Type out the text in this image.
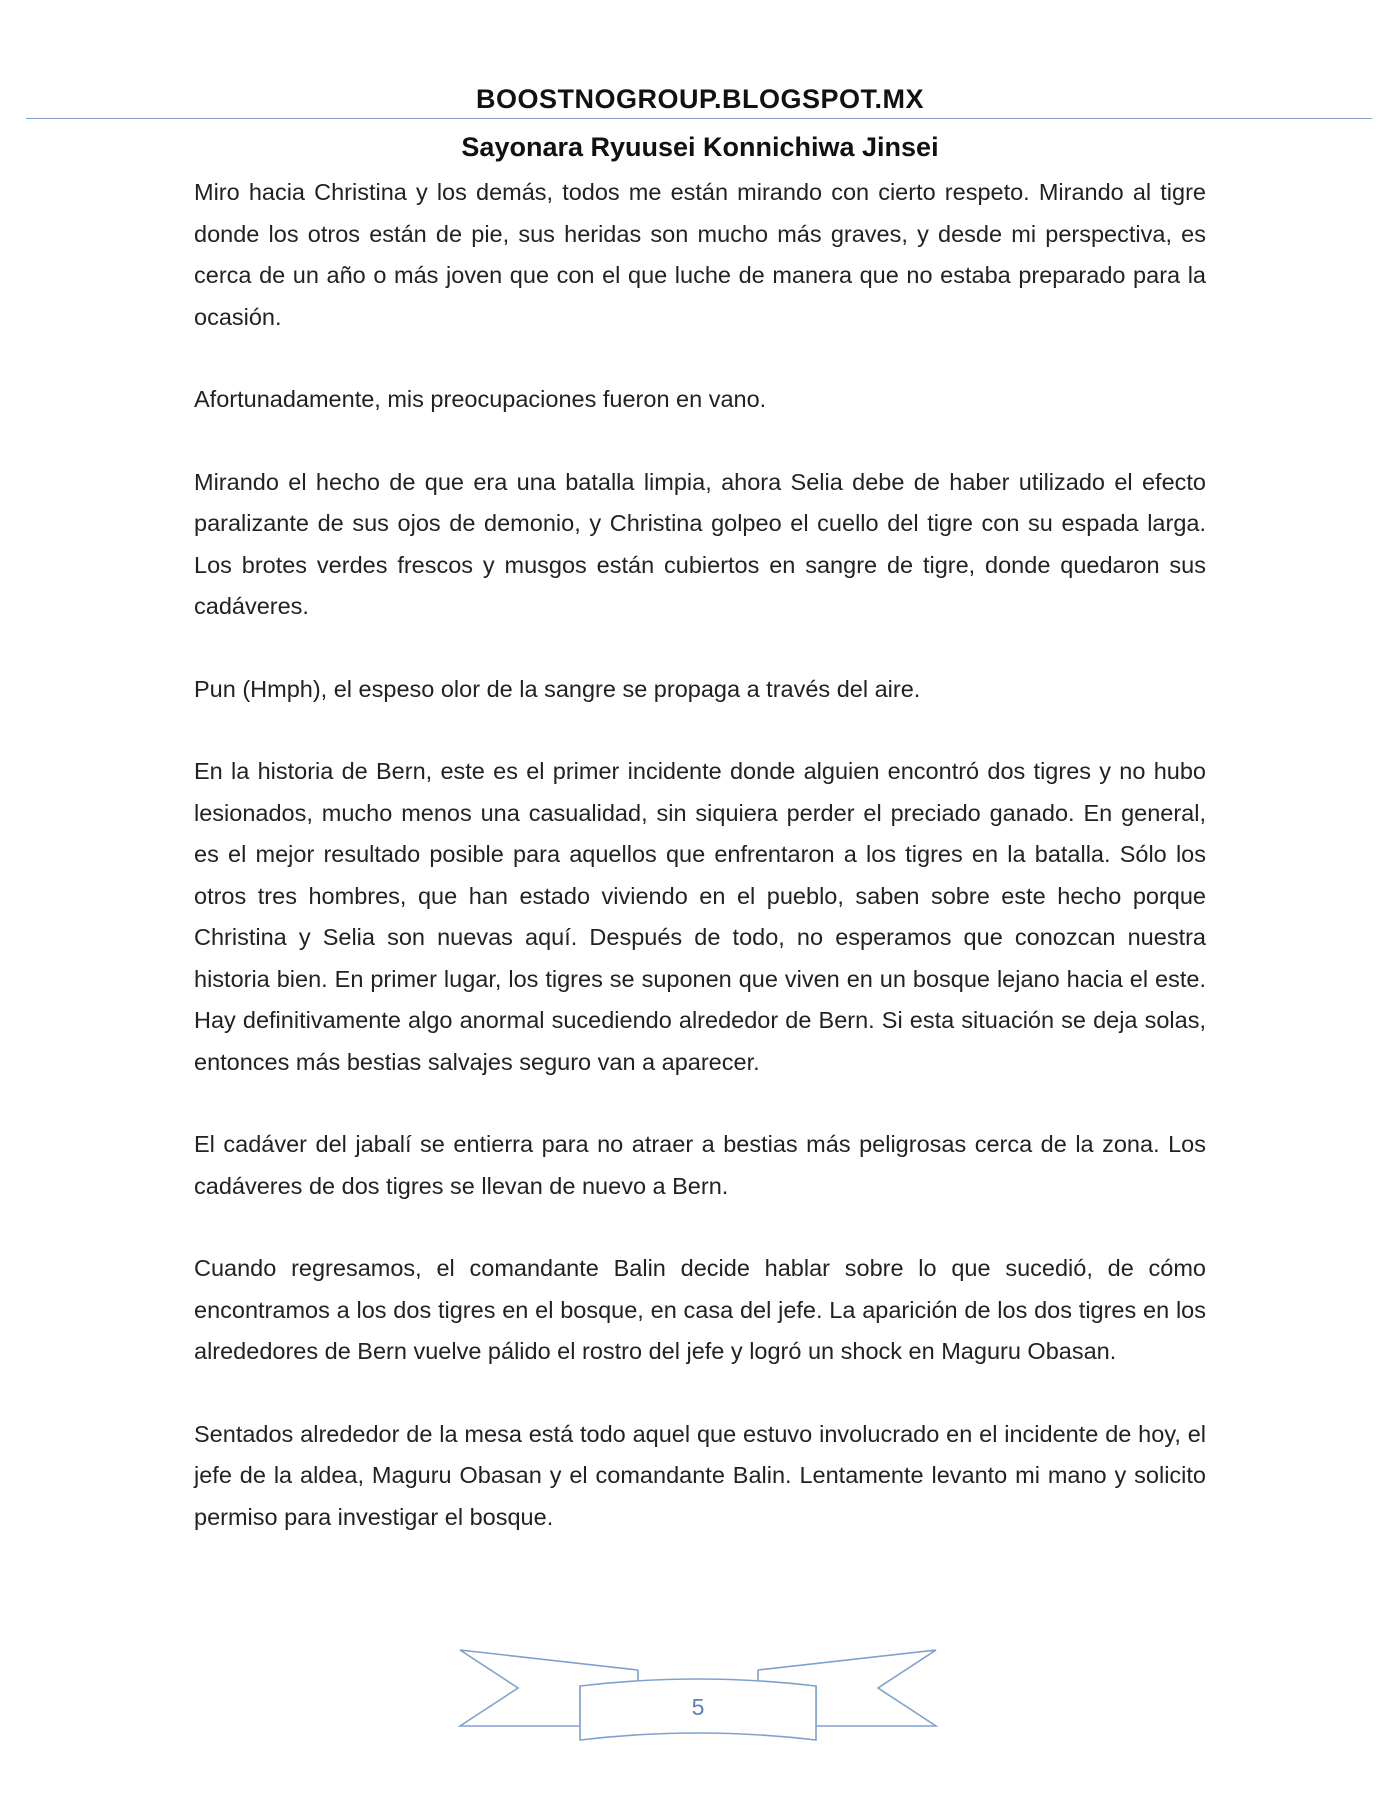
BOOSTNOGROUP.BLOGSPOT.MX
Sayonara Ryuusei Konnichiwa Jinsei

Miro hacia Christina y los demás, todos me están mirando con cierto respeto. Mirando al tigre donde los otros están de pie, sus heridas son mucho más graves, y desde mi perspectiva, es cerca de un año o más joven que con el que luche de manera que no estaba preparado para la ocasión.

Afortunadamente, mis preocupaciones fueron en vano.

Mirando el hecho de que era una batalla limpia, ahora Selia debe de haber utilizado el efecto paralizante de sus ojos de demonio, y Christina golpeo el cuello del tigre con su espada larga. Los brotes verdes frescos y musgos están cubiertos en sangre de tigre, donde quedaron sus cadáveres.

Pun (Hmph), el espeso olor de la sangre se propaga a través del aire.

En la historia de Bern, este es el primer incidente donde alguien encontró dos tigres y no hubo lesionados, mucho menos una casualidad, sin siquiera perder el preciado ganado. En general, es el mejor resultado posible para aquellos que enfrentaron a los tigres en la batalla. Sólo los otros tres hombres, que han estado viviendo en el pueblo, saben sobre este hecho porque Christina y Selia son nuevas aquí. Después de todo, no esperamos que conozcan nuestra historia bien. En primer lugar, los tigres se suponen que viven en un bosque lejano hacia el este. Hay definitivamente algo anormal sucediendo alrededor de Bern. Si esta situación se deja solas, entonces más bestias salvajes seguro van a aparecer.

El cadáver del jabalí se entierra para no atraer a bestias más peligrosas cerca de la zona. Los cadáveres de dos tigres se llevan de nuevo a Bern.

Cuando regresamos, el comandante Balin decide hablar sobre lo que sucedió, de cómo encontramos a los dos tigres en el bosque, en casa del jefe. La aparición de los dos tigres en los alrededores de Bern vuelve pálido el rostro del jefe y logró un shock en Maguru Obasan.

Sentados alrededor de la mesa está todo aquel que estuvo involucrado en el incidente de hoy, el jefe de la aldea, Maguru Obasan y el comandante Balin. Lentamente levanto mi mano y solicito permiso para investigar el bosque.

5
